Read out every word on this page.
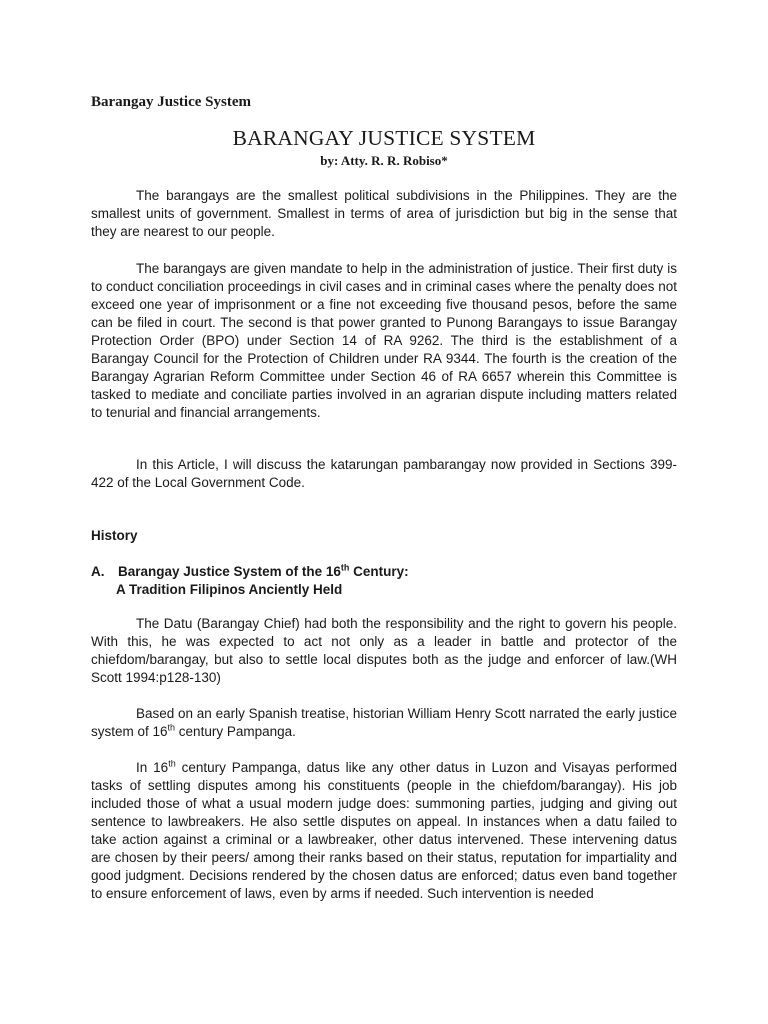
Barangay Justice System

BARANGAY JUSTICE SYSTEM

by: Atty. R. R. Robiso*

The barangays are the smallest political subdivisions in the Philippines. They are the smallest units of government. Smallest in terms of area of jurisdiction but big in the sense that they are nearest to our people.

The barangays are given mandate to help in the administration of justice. Their first duty is to conduct conciliation proceedings in civil cases and in criminal cases where the penalty does not exceed one year of imprisonment or a fine not exceeding five thousand pesos, before the same can be filed in court. The second is that power granted to Punong Barangays to issue Barangay Protection Order (BPO) under Section 14 of RA 9262. The third is the establishment of a Barangay Council for the Protection of Children under RA 9344. The fourth is the creation of the Barangay Agrarian Reform Committee under Section 46 of RA 6657 wherein this Committee is tasked to mediate and conciliate parties involved in an agrarian dispute including matters related to tenurial and financial arrangements.

In this Article, I will discuss the katarungan pambarangay now provided in Sections 399-422 of the Local Government Code.

History

A. Barangay Justice System of the 16th Century:

A Tradition Filipinos Anciently Held

The Datu (Barangay Chief) had both the responsibility and the right to govern his people. With this, he was expected to act not only as a leader in battle and protector of the chiefdom/barangay, but also to settle local disputes both as the judge and enforcer of law.(WH Scott 1994:p128-130)

Based on an early Spanish treatise, historian William Henry Scott narrated the early justice system of 16th century Pampanga.

In 16th century Pampanga, datus like any other datus in Luzon and Visayas performed tasks of settling disputes among his constituents (people in the chiefdom/barangay). His job included those of what a usual modern judge does: summoning parties, judging and giving out sentence to lawbreakers. He also settle disputes on appeal. In instances when a datu failed to take action against a criminal or a lawbreaker, other datus intervened. These intervening datus are chosen by their peers/ among their ranks based on their status, reputation for impartiality and good judgment. Decisions rendered by the chosen datus are enforced; datus even band together to ensure enforcement of laws, even by arms if needed. Such intervention is needed
